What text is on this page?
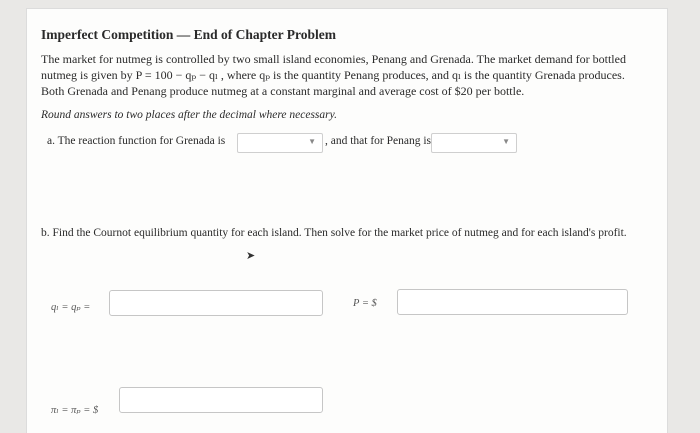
Imperfect Competition — End of Chapter Problem
The market for nutmeg is controlled by two small island economies, Penang and Grenada. The market demand for bottled
nutmeg is given by P = 100 − qₚ − qₗ , where qₚ is the quantity Penang produces, and qₗ is the quantity Grenada produces.
Both Grenada and Penang produce nutmeg at a constant marginal and average cost of $20 per bottle.
Round answers to two places after the decimal where necessary.
a. The reaction function for Grenada is	▼ , and that for Penang is	▼
b. Find the Cournot equilibrium quantity for each island. Then solve for the market price of nutmeg and for each island's profit.
➤
qₗ = qₚ =	P = $
πₗ = πₚ = $
